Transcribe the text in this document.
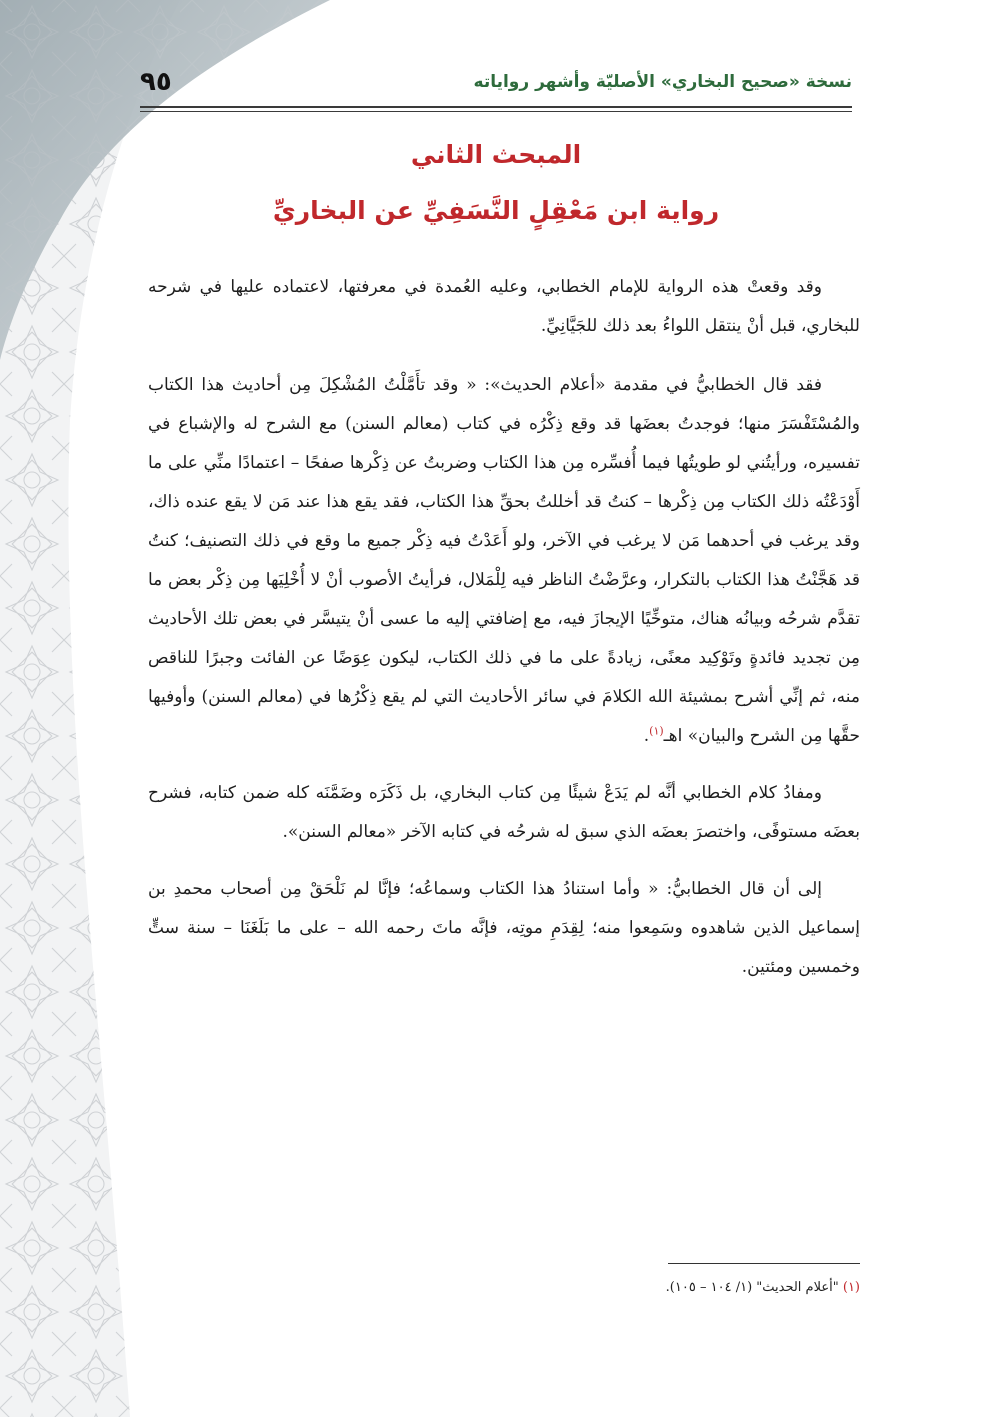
نسخة «صحيح البخاري» الأصليّة وأشهر رواياته
٩٥
المبحث الثاني
رواية ابن مَعْقِلٍ النَّسَفِيِّ عن البخاريِّ

وقد وقعتْ هذه الرواية للإمام الخطابي، وعليه العُمدة في معرفتها، لاعتماده عليها في شرحه للبخاري، قبل أنْ ينتقل اللواءُ بعد ذلك للجَيَّانِيِّ.

فقد قال الخطابيُّ في مقدمة «أعلام الحديث»: « وقد تأَمَّلْتُ المُشْكِلَ مِن أحاديث هذا الكتاب والمُسْتَفْسَرَ منها؛ فوجدتُ بعضَها قد وقع ذِكْرُه في كتاب (معالم السنن) مع الشرح له والإشباع في تفسيره، ورأيتُني لو طويتُها فيما أُفسِّره مِن هذا الكتاب وضربتُ عن ذِكْرها صفحًا – اعتمادًا منِّي على ما أَوْدَعْتُه ذلك الكتاب مِن ذِكْرها – كنتُ قد أخللتُ بحقِّ هذا الكتاب، فقد يقع هذا عند مَن لا يقع عنده ذاك، وقد يرغب في أحدهما مَن لا يرغب في الآخر، ولو أَعَدْتُ فيه ذِكْر جميع ما وقع في ذلك التصنيف؛ كنتُ قد هَجَّنْتُ هذا الكتاب بالتكرار، وعرَّضْتُ الناظر فيه لِلْمَلال، فرأيتُ الأصوب أنْ لا أُخْلِيَها مِن ذِكْر بعض ما تقدَّم شرحُه وبيانُه هناك، متوخِّيًا الإيجازَ فيه، مع إضافتي إليه ما عسى أنْ يتيسَّر في بعض تلك الأحاديث مِن تجديد فائدةٍ وتَوْكِيد معنًى، زيادةً على ما في ذلك الكتاب، ليكون عِوَضًا عن الفائت وجبرًا للناقص منه، ثم إنِّي أشرح بمشيئة الله الكلامَ في سائر الأحاديث التي لم يقع ذِكْرُها في (معالم السنن) وأوفيها حقَّها مِن الشرح والبيان» اهـ$^{(١)}$.

ومفادُ كلام الخطابي أنَّه لم يَدَعْ شيئًا مِن كتاب البخاري، بل ذَكَرَه وضَمَّنَه كله ضمن كتابه، فشرح بعضَه مستوفًى، واختصرَ بعضَه الذي سبق له شرحُه في كتابه الآخر «معالم السنن».

إلى أن قال الخطابيُّ: « وأما استنادُ هذا الكتاب وسماعُه؛ فإنَّا لم نَلْحَقْ مِن أصحاب محمدِ بن إسماعيل الذين شاهدوه وسَمِعوا منه؛ لِقِدَمِ موتِه، فإنَّه ماتَ رحمه الله – على ما بَلَغَنَا – سنة ستٍّ وخمسين ومئتين.

(١) "أعلام الحديث" (١/ ١٠٤ – ١٠٥).
